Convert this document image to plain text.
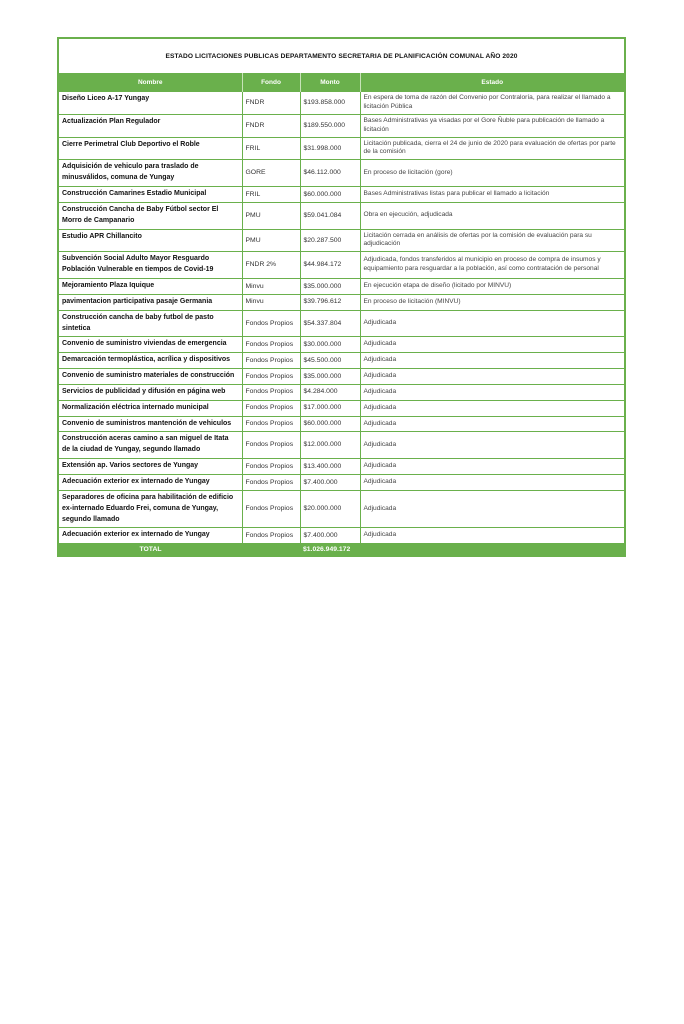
ESTADO LICITACIONES PUBLICAS DEPARTAMENTO SECRETARIA DE PLANIFICACIÓN COMUNAL AÑO 2020
Nombre	Fondo	Monto	Estado
Diseño Liceo A-17 Yungay	FNDR	$193.858.000	En espera de toma de razón del Convenio por Contraloría, para realizar el llamado a licitación Pública
Actualización Plan Regulador	FNDR	$189.550.000	Bases Administrativas ya visadas por el Gore Ñuble para publicación de llamado a licitación
Cierre Perimetral Club Deportivo el Roble	FRIL	$31.998.000	Licitación publicada, cierra el 24 de junio de 2020 para evaluación de ofertas por parte de la comisión
Adquisición de vehiculo para traslado de minusválidos, comuna de Yungay	GORE	$46.112.000	En proceso de licitación (gore)
Construcción Camarines Estadio Municipal	FRIL	$60.000.000	Bases Administrativas listas para publicar el llamado a licitación
Construcción Cancha de Baby Fútbol sector El Morro de Campanario	PMU	$59.041.084	Obra en ejecución, adjudicada
Estudio APR Chillancito	PMU	$20.287.500	Licitación cerrada en análisis de ofertas por la comisión de evaluación para su adjudicación
Subvención Social Adulto Mayor Resguardo Población Vulnerable en tiempos de Covid-19	FNDR 2%	$44.984.172	Adjudicada, fondos transferidos al municipio en proceso de compra de insumos y equipamiento para resguardar a la población, así como contratación de personal
Mejoramiento Plaza Iquique	Minvu	$35.000.000	En ejecución etapa de diseño (licitado por MINVU)
pavimentacion participativa pasaje Germania	Minvu	$39.796.612	En proceso de licitación (MINVU)
Construcción cancha de baby futbol de pasto sintetica	Fondos Propios	$54.337.804	Adjudicada
Convenio de suministro viviendas de emergencia	Fondos Propios	$30.000.000	Adjudicada
Demarcación termoplástica, acrílica y dispositivos	Fondos Propios	$45.500.000	Adjudicada
Convenio de suministro materiales de construcción	Fondos Propios	$35.000.000	Adjudicada
Servicios de publicidad y difusión en página web	Fondos Propios	$4.284.000	Adjudicada
Normalización eléctrica internado municipal	Fondos Propios	$17.000.000	Adjudicada
Convenio de suministros mantención de vehiculos	Fondos Propios	$60.000.000	Adjudicada
Construcción aceras camino a san miguel de Itata de la ciudad de Yungay, segundo llamado	Fondos Propios	$12.000.000	Adjudicada
Extensión ap. Varios sectores de Yungay	Fondos Propios	$13.400.000	Adjudicada
Adecuación exterior ex internado de Yungay	Fondos Propios	$7.400.000	Adjudicada
Separadores de oficina para habilitación de edificio ex-internado Eduardo Frei, comuna de Yungay, segundo llamado	Fondos Propios	$20.000.000	Adjudicada
Adecuación exterior ex internado de Yungay	Fondos Propios	$7.400.000	Adjudicada
TOTAL		$1.026.949.172	
